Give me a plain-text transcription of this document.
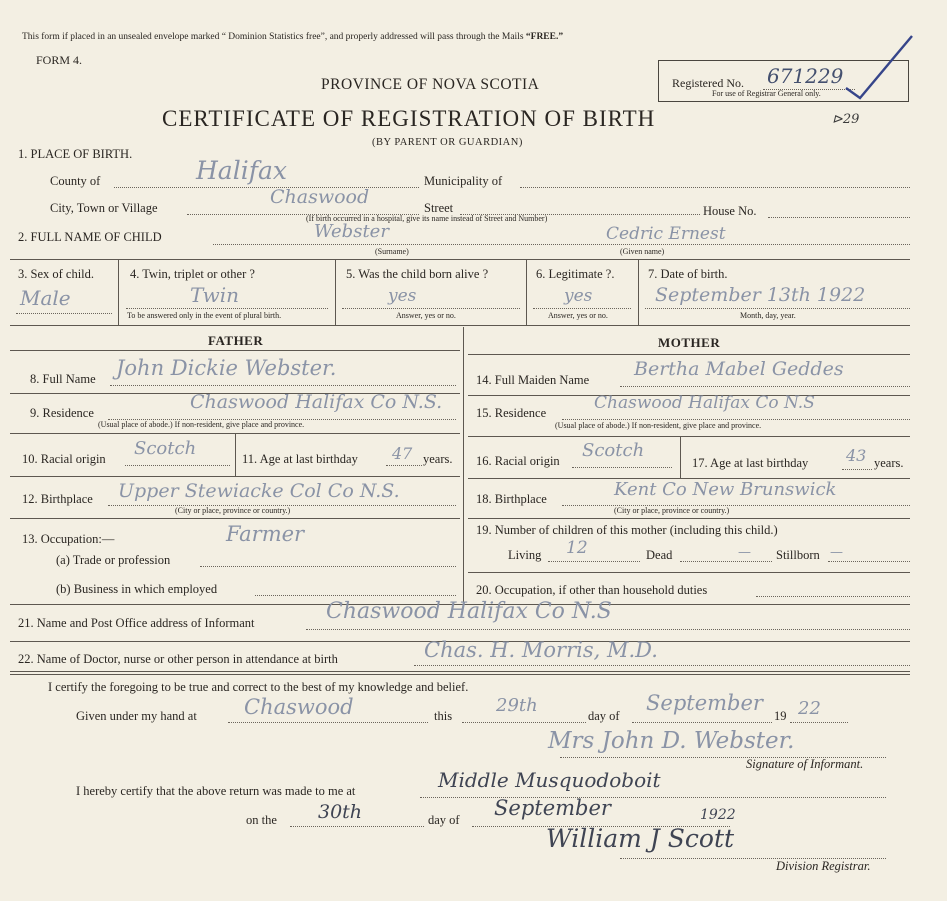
This form if placed in an unsealed envelope marked “ Dominion Statistics free”, and properly addressed will pass through the Mails “FREE.”
FORM 4.
PROVINCE OF NOVA SCOTIA
CERTIFICATE OF REGISTRATION OF BIRTH
(BY PARENT OR GUARDIAN)
Registered No. 671229
For use of Registrar General only.
⊳29
1. PLACE OF BIRTH.
County of	Halifax	Municipality of
City, Town or Village	Chaswood	Street	House No.
(If birth occurred in a hospital, give its name instead of Street and Number)
2. FULL NAME OF CHILD	Webster	Cedric Ernest
(Surname)	(Given name)
3. Sex of child.
Male
4. Twin, triplet or other ?
Twin
To be answered only in the event of plural birth.
5. Was the child born alive ?
yes
Answer, yes or no.
6. Legitimate ?.
yes
Answer, yes or no.
7. Date of birth.
September 13th 1922
Month, day, year.
FATHER	MOTHER
8. Full Name John Dickie Webster.
9. Residence	Chaswood Halifax Co N.S.
(Usual place of abode.) If non-resident, give place and province.
10. Racial origin Scotch	11. Age at last birthday 47 years.
12. Birthplace Upper Stewiacke Col Co N.S.
(City or place, province or country.)
13. Occupation:—
(a) Trade or profession
Farmer
(b) Business in which employed
14. Full Maiden Name Bertha Mabel Geddes
15. Residence	Chaswood Halifax Co N.S
(Usual place of abode.) If non-resident, give place and province.
16. Racial origin Scotch
17. Age at last birthday 43 years.
18. Birthplace	Kent Co New Brunswick
(City or place, province or country.)
19. Number of children of this mother (including this child.)
Living 12	Dead	— Stillborn —
20. Occupation, if other than household duties
21. Name and Post Office address of Informant	Chaswood Halifax Co N.S
22. Name of Doctor, nurse or other person in attendance at birth	Chas. H. Morris, M.D.
I certify the foregoing to be true and correct to the best of my knowledge and belief.
Given under my hand at Chaswood	this 29th	day of
September
19 22
Mrs John D. Webster.
Signature of Informant.
I hereby certify that the above return was made to me at	Middle Musquodoboit
on the 30th	day of September	1922
William J Scott
Division Registrar.
